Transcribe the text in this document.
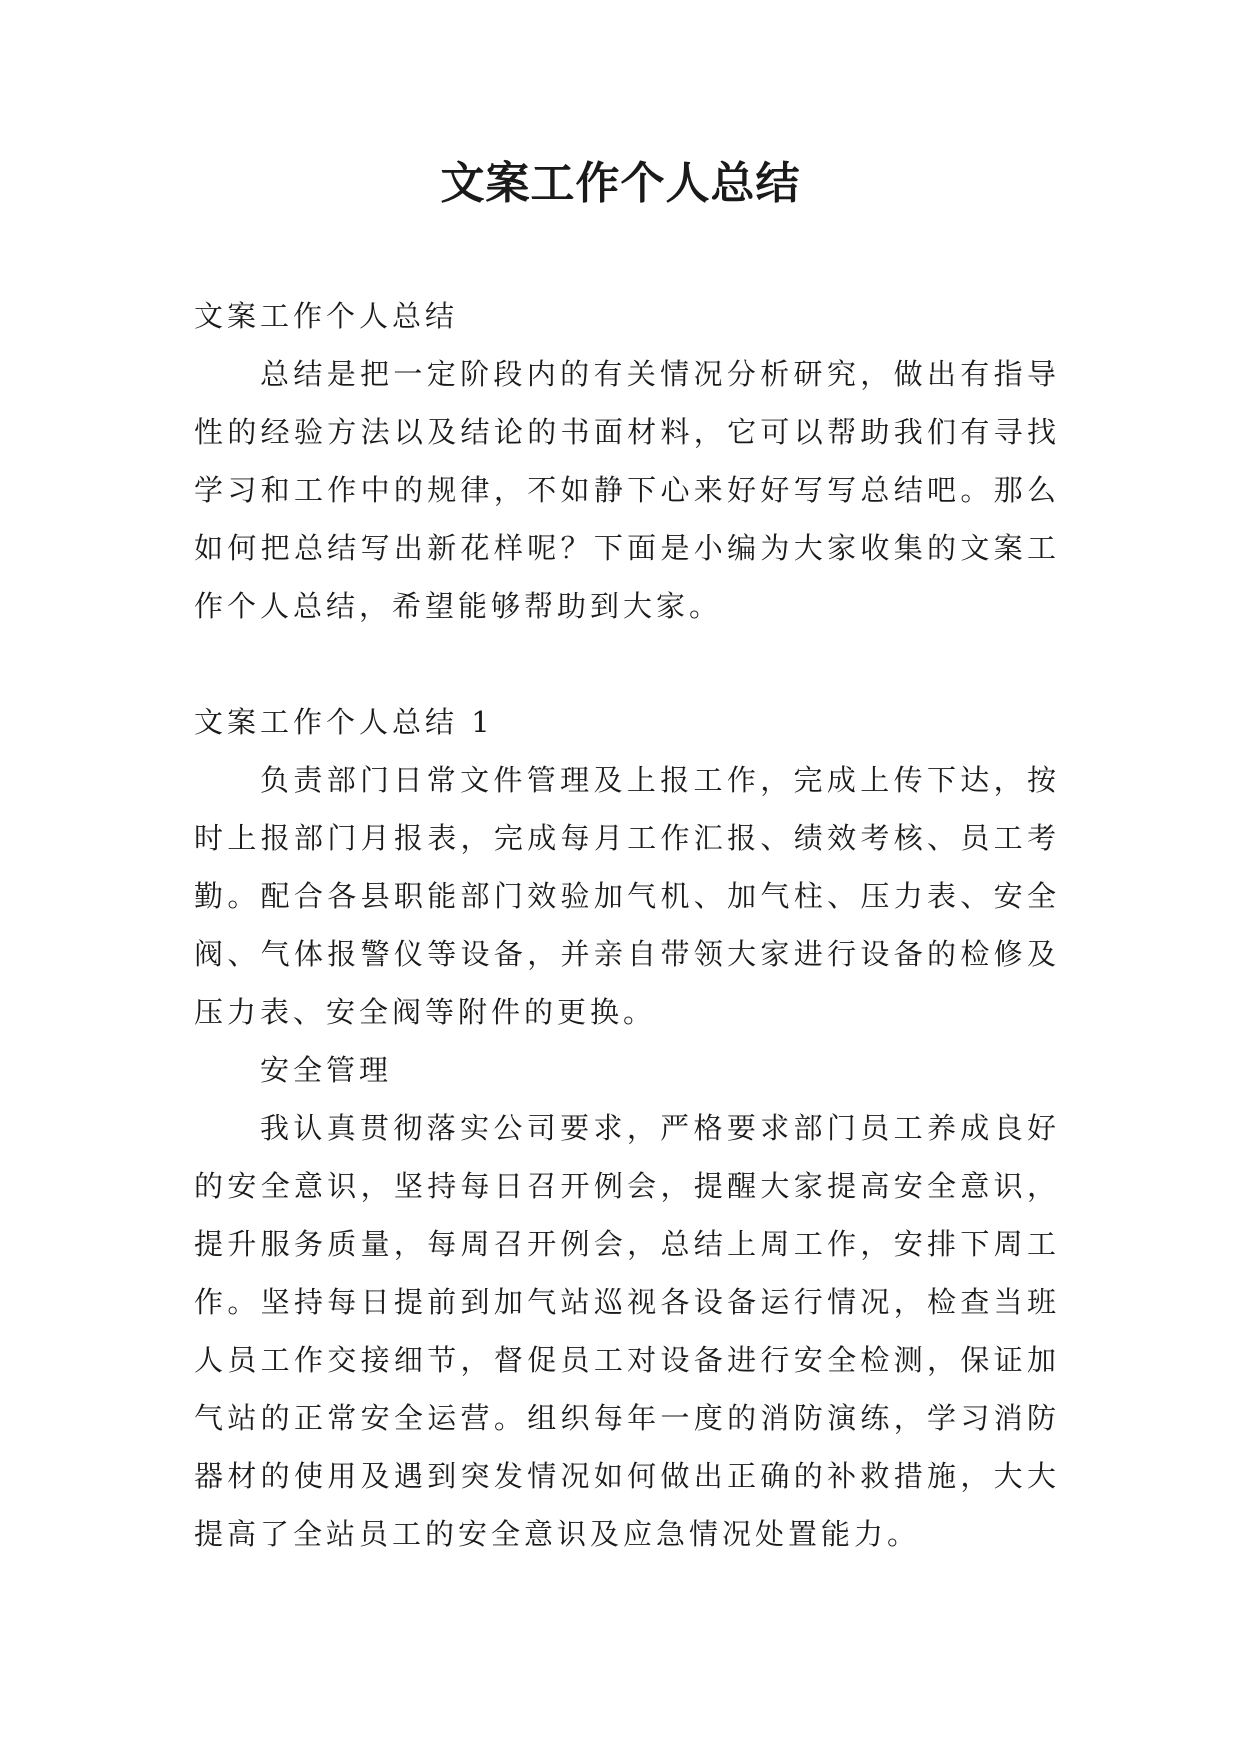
文案工作个人总结

文案工作个人总结

总结是把一定阶段内的有关情况分析研究，做出有指导性的经验方法以及结论的书面材料，它可以帮助我们有寻找学习和工作中的规律，不如静下心来好好写写总结吧。那么如何把总结写出新花样呢？下面是小编为大家收集的文案工作个人总结，希望能够帮助到大家。

文案工作个人总结 1

负责部门日常文件管理及上报工作，完成上传下达，按时上报部门月报表，完成每月工作汇报、绩效考核、员工考勤。配合各县职能部门效验加气机、加气柱、压力表、安全阀、气体报警仪等设备，并亲自带领大家进行设备的检修及压力表、安全阀等附件的更换。

安全管理

我认真贯彻落实公司要求，严格要求部门员工养成良好的安全意识，坚持每日召开例会，提醒大家提高安全意识，提升服务质量，每周召开例会，总结上周工作，安排下周工作。坚持每日提前到加气站巡视各设备运行情况，检查当班人员工作交接细节，督促员工对设备进行安全检测，保证加气站的正常安全运营。组织每年一度的消防演练，学习消防器材的使用及遇到突发情况如何做出正确的补救措施，大大提高了全站员工的安全意识及应急情况处置能力。
